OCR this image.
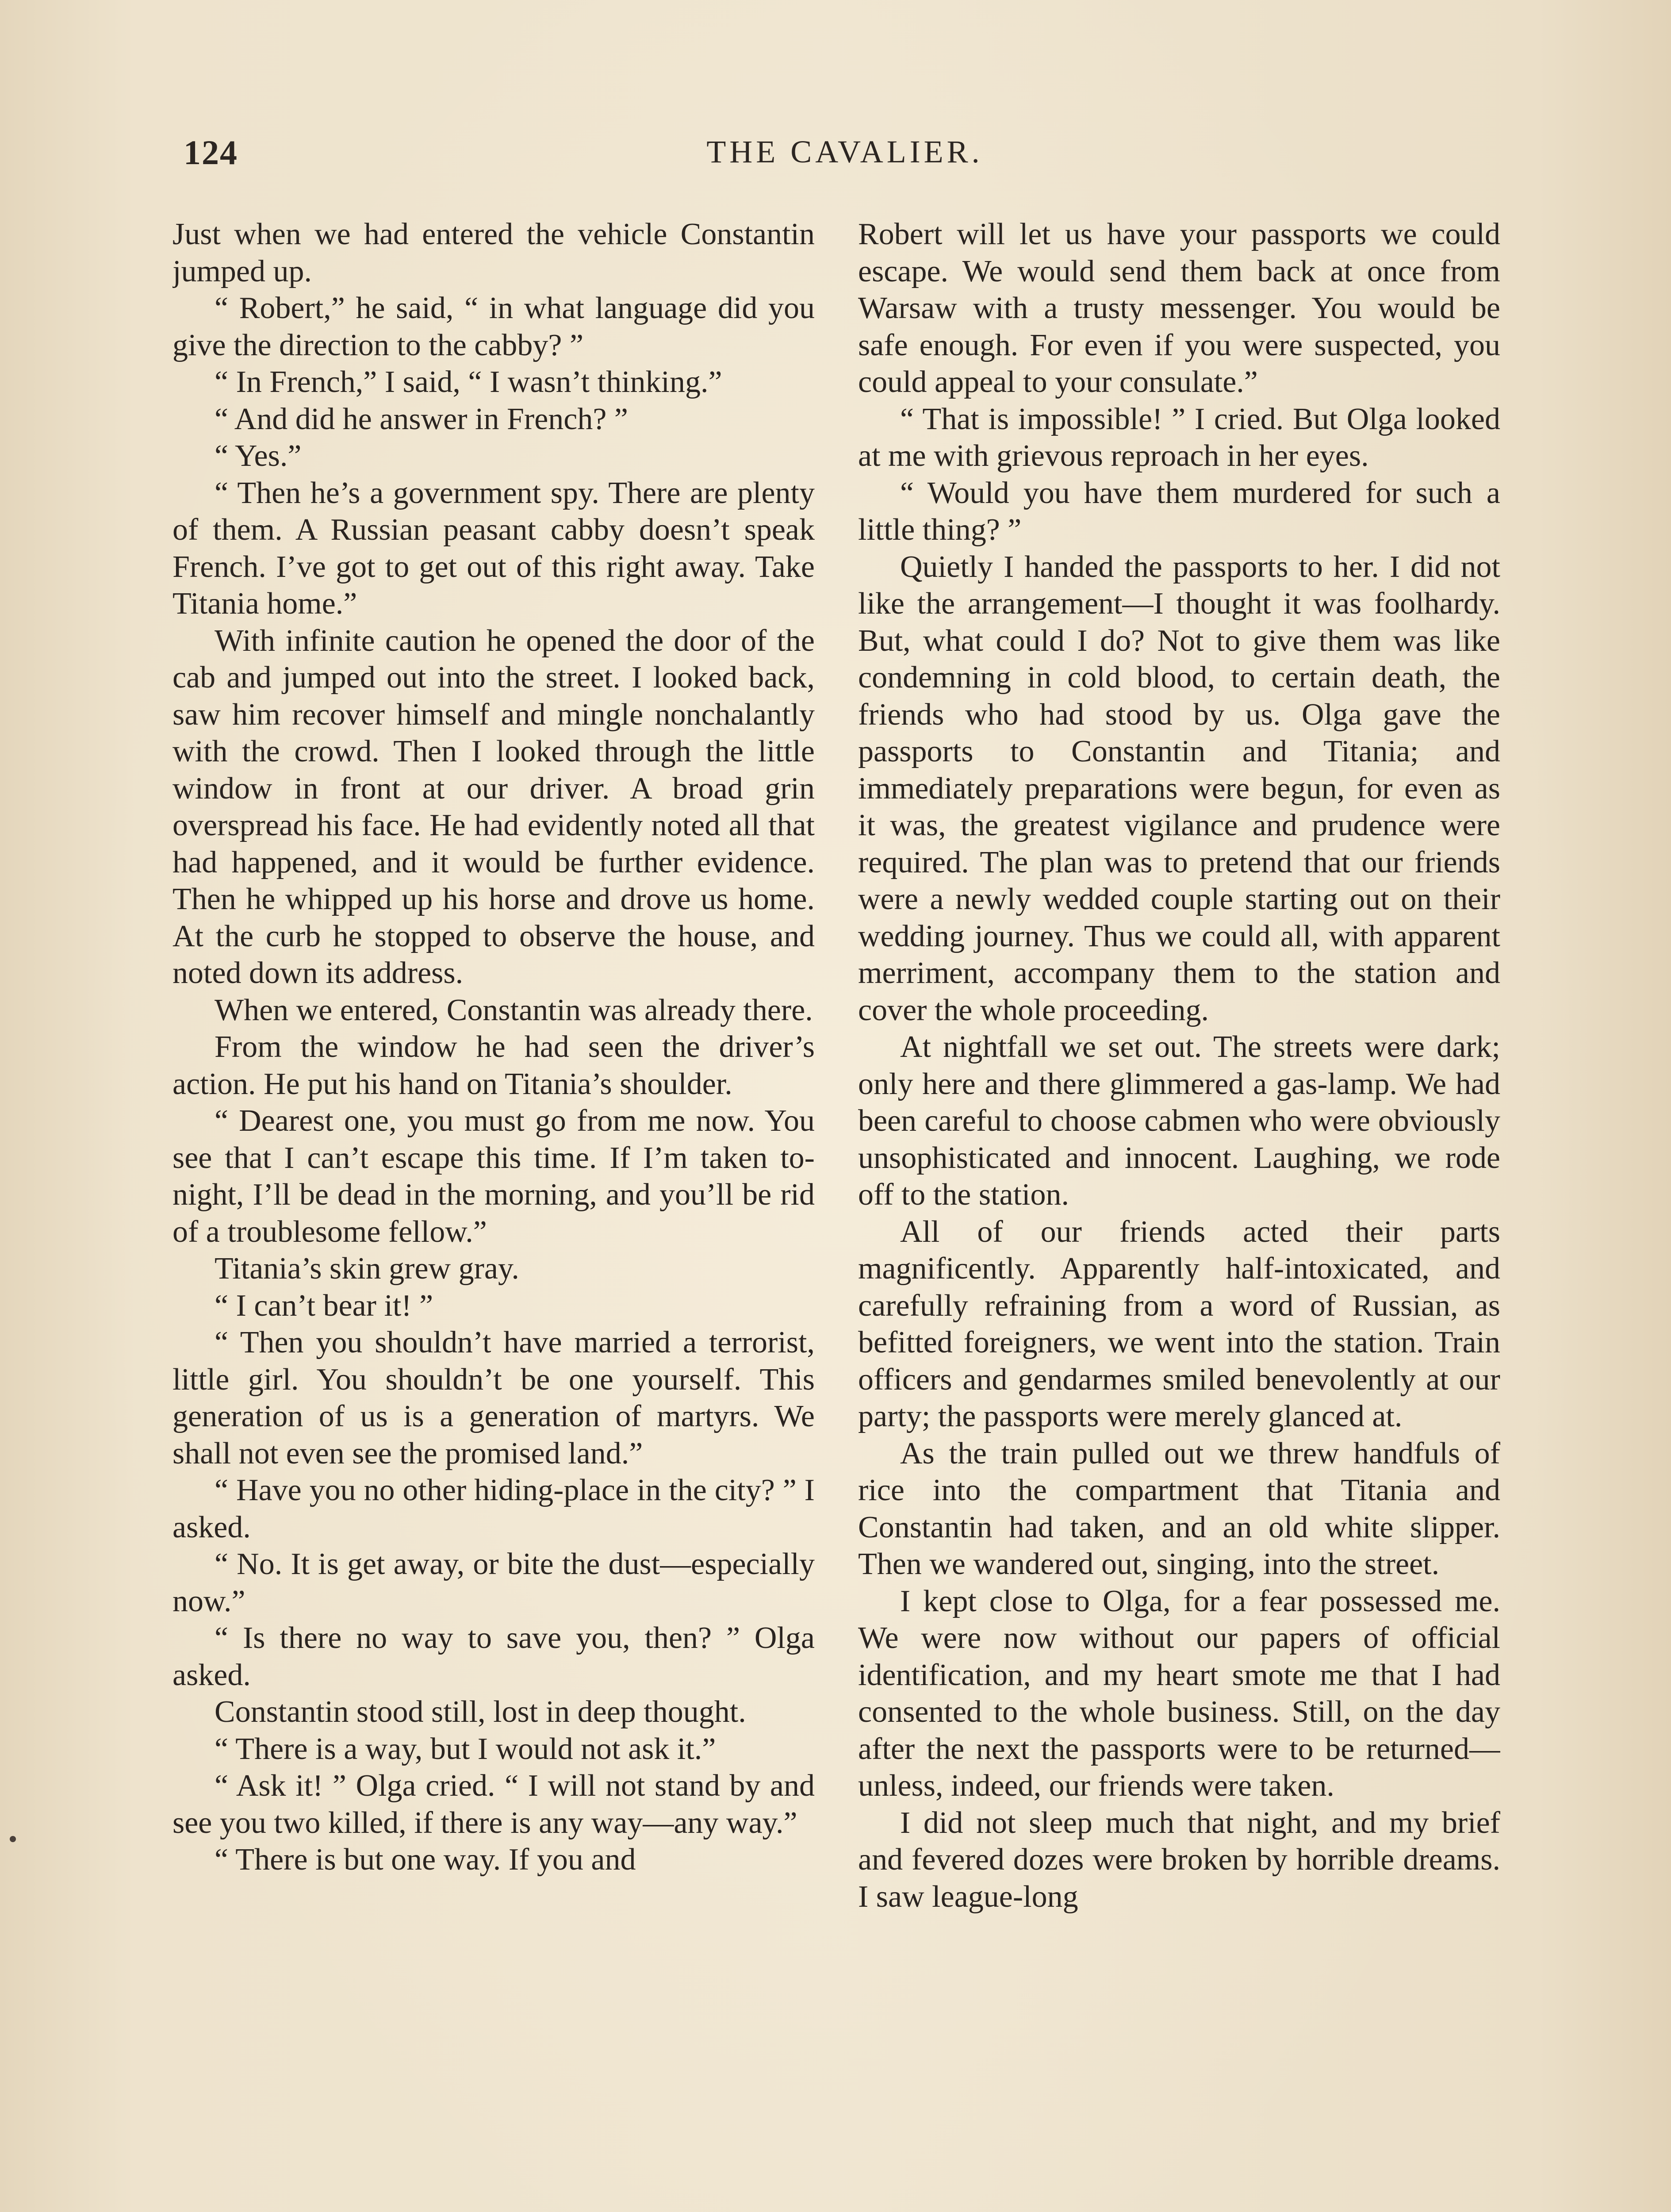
124	THE CAVALIER.

Just when we had entered the vehicle Constantin jumped up.

“ Robert,” he said, “ in what language did you give the direction to the cabby? ”

“ In French,” I said, “ I wasn’t thinking.”

“ And did he answer in French? ”

“ Yes.”

“ Then he’s a government spy. There are plenty of them. A Russian peasant cabby doesn’t speak French. I’ve got to get out of this right away. Take Titania home.”

With infinite caution he opened the door of the cab and jumped out into the street. I looked back, saw him recover himself and mingle nonchalantly with the crowd. Then I looked through the little window in front at our driver. A broad grin overspread his face. He had evidently noted all that had happened, and it would be further evidence. Then he whipped up his horse and drove us home. At the curb he stopped to observe the house, and noted down its address.

When we entered, Constantin was already there.

From the window he had seen the driver’s action. He put his hand on Titania’s shoulder.

“ Dearest one, you must go from me now. You see that I can’t escape this time. If I’m taken to-night, I’ll be dead in the morning, and you’ll be rid of a troublesome fellow.”

Titania’s skin grew gray.

“ I can’t bear it! ”

“ Then you shouldn’t have married a terrorist, little girl. You shouldn’t be one yourself. This generation of us is a generation of martyrs. We shall not even see the promised land.”

“ Have you no other hiding-place in the city? ” I asked.

“ No. It is get away, or bite the dust—especially now.”

“ Is there no way to save you, then? ” Olga asked.

Constantin stood still, lost in deep thought.

“ There is a way, but I would not ask it.”

“ Ask it! ” Olga cried. “ I will not stand by and see you two killed, if there is any way—any way.”

“ There is but one way. If you and

Robert will let us have your passports we could escape. We would send them back at once from Warsaw with a trusty messenger. You would be safe enough. For even if you were suspected, you could appeal to your consulate.”

“ That is impossible! ” I cried. But Olga looked at me with grievous reproach in her eyes.

“ Would you have them murdered for such a little thing? ”

Quietly I handed the passports to her. I did not like the arrangement—I thought it was foolhardy. But, what could I do? Not to give them was like condemning in cold blood, to certain death, the friends who had stood by us. Olga gave the passports to Constantin and Titania; and immediately preparations were begun, for even as it was, the greatest vigilance and prudence were required. The plan was to pretend that our friends were a newly wedded couple starting out on their wedding journey. Thus we could all, with apparent merriment, accompany them to the station and cover the whole proceeding.

At nightfall we set out. The streets were dark; only here and there glimmered a gas-lamp. We had been careful to choose cabmen who were obviously unsophisticated and innocent. Laughing, we rode off to the station.

All of our friends acted their parts magnificently. Apparently half-intoxicated, and carefully refraining from a word of Russian, as befitted foreigners, we went into the station. Train officers and gendarmes smiled benevolently at our party; the passports were merely glanced at.

As the train pulled out we threw handfuls of rice into the compartment that Titania and Constantin had taken, and an old white slipper. Then we wandered out, singing, into the street.

I kept close to Olga, for a fear possessed me. We were now without our papers of official identification, and my heart smote me that I had consented to the whole business. Still, on the day after the next the passports were to be returned—unless, indeed, our friends were taken.

I did not sleep much that night, and my brief and fevered dozes were broken by horrible dreams. I saw league-long
